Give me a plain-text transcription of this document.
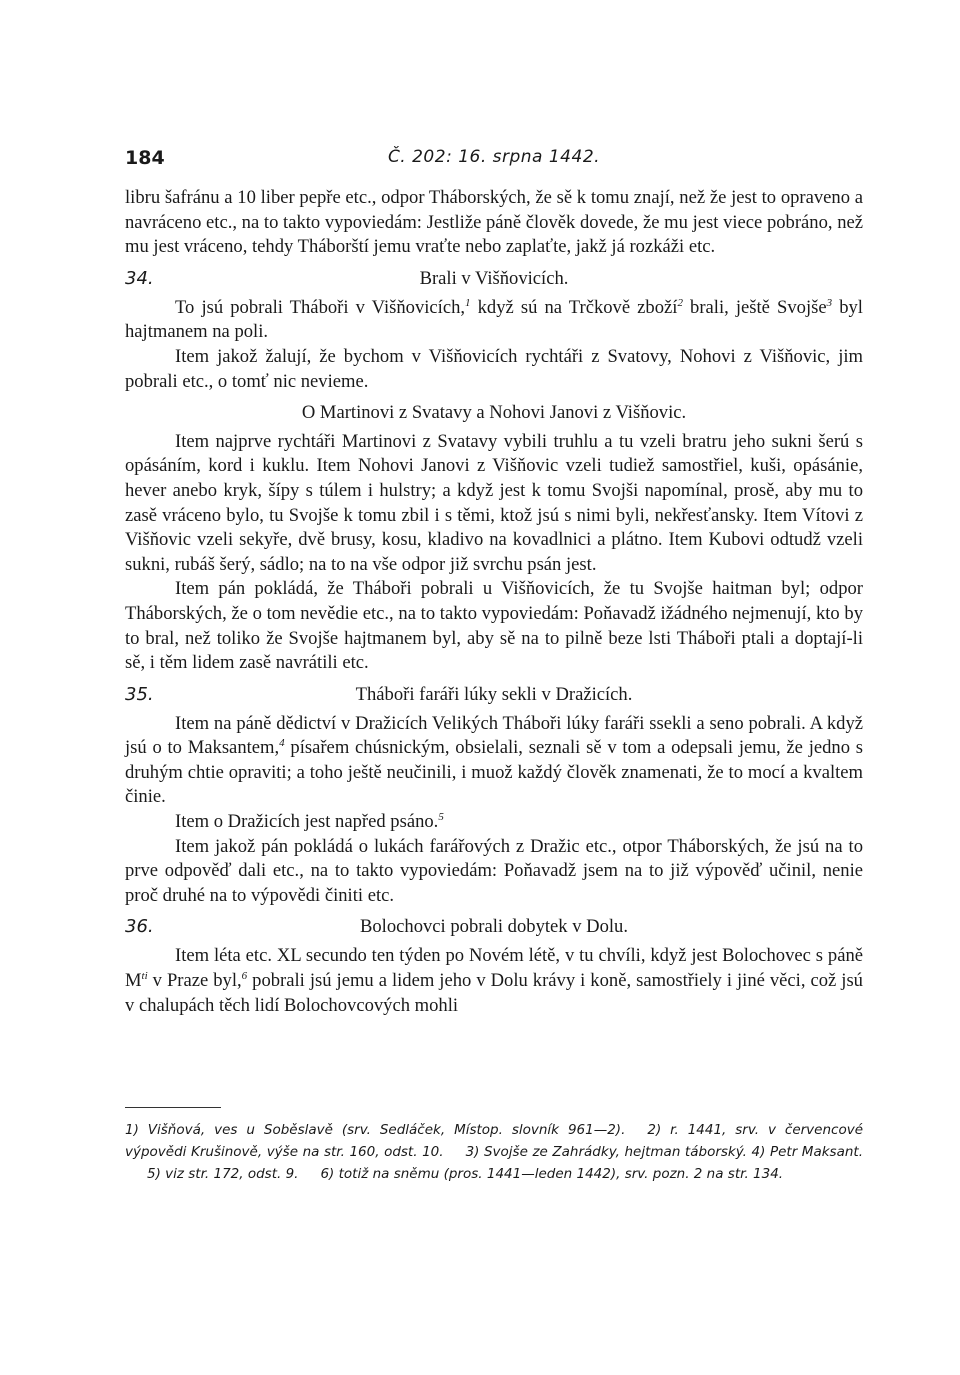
184	Č. 202: 16. srpna 1442.

libru šafránu a 10 liber pepře etc., odpor Tháborských, že sě k tomu znají, než že jest to opraveno a navráceno etc., na to takto vypoviedám: Jestliže páně člověk dovede, že mu jest viece pobráno, než mu jest vráceno, tehdy Tháborští jemu vraťte nebo zaplaťte, jakž já rozkáži etc.

34.	Brali v Višňovicích.

To jsú pobrali Tháboři v Višňovicích,$^1$ když sú na Trčkově zboží$^2$ brali, ještě Svojše$^3$ byl hajtmanem na poli.

Item jakož žalují, že bychom v Višňovicích rychtáři z Svatovy, Nohovi z Višňovic, jim pobrali etc., o tomť nic nevieme.

O Martinovi z Svatavy a Nohovi Janovi z Višňovic.

Item najprve rychtáři Martinovi z Svatavy vybili truhlu a tu vzeli bratru jeho sukni šerú s opásáním, kord i kuklu. Item Nohovi Janovi z Višňovic vzeli tudiež samostřiel, kuši, opásánie, hever anebo kryk, šípy s túlem i hulstry; a když jest k tomu Svojši napomínal, prosě, aby mu to zasě vráceno bylo, tu Svojše k tomu zbil i s těmi, ktož jsú s nimi byli, nekřesťansky. Item Vítovi z Višňovic vzeli sekyře, dvě brusy, kosu, kladivo na kovadlnici a plátno. Item Kubovi odtudž vzeli sukni, rubáš šerý, sádlo; na to na vše odpor již svrchu psán jest.

Item pán pokládá, že Tháboři pobrali u Višňovicích, že tu Svojše haitman byl; odpor Tháborských, že o tom nevědie etc., na to takto vypoviedám: Poňavadž ižádného nejmenují, kto by to bral, než toliko že Svojše hajtmanem byl, aby sě na to pilně beze lsti Tháboři ptali a doptají-li sě, i těm lidem zasě navrátili etc.

35.	Tháboři faráři lúky sekli v Dražicích.

Item na páně dědictví v Dražicích Velikých Tháboři lúky faráři ssekli a seno pobrali. A když jsú o to Maksantem,$^4$ písařem chúsnickým, obsielali, seznali sě v tom a odepsali jemu, že jedno s druhým chtie opraviti; a toho ještě neučinili, i muož každý člověk znamenati, že to mocí a kvaltem činie.

Item o Dražicích jest napřed psáno.$^5$

Item jakož pán pokládá o lukách farářových z Dražic etc., otpor Tháborských, že jsú na to prve odpověď dali etc., na to takto vypoviedám: Poňavadž jsem na to již výpověď učinil, nenie proč druhé na to výpovědi činiti etc.

36.	Bolochovci pobrali dobytek v Dolu.

Item léta etc. XL secundo ten týden po Novém létě, v tu chvíli, když jest Bolochovec s páně $M^{ti}$ v Praze byl,$^6$ pobrali jsú jemu a lidem jeho v Dolu krávy i koně, samostřiely i jiné věci, což jsú v chalupách těch lidí Bolochovcových mohli

1) Višňová, ves u Soběslavě (srv. Sedláček, Místop. slovník 961—2). 2) r. 1441, srv. v červencové výpovědi Krušinově, výše na str. 160, odst. 10. 3) Svojše ze Zahrádky, hejtman táborský. 4) Petr Maksant.5) viz str. 172, odst. 9. 6) totiž na sněmu (pros. 1441—leden 1442), srv. pozn. 2 na str. 134.
